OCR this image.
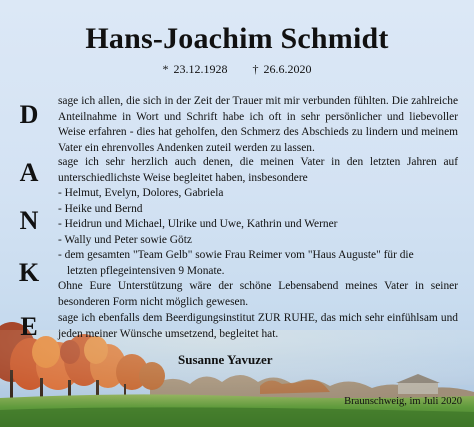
Hans-Joachim Schmidt
* 23.12.1928 † 26.6.2020
D
A
N
K
E

sage ich allen, die sich in der Zeit der Trauer mit mir verbunden fühlten. Die zahlreiche Anteilnahme in Wort und Schrift habe ich oft in sehr persönlicher und liebevoller Weise erfahren - dies hat geholfen, den Schmerz des Abschieds zu lindern und meinem Vater ein ehrenvolles Andenken zuteil werden zu lassen.

sage ich sehr herzlich auch denen, die meinen Vater in den letzten Jahren auf unterschiedlichste Weise begleitet haben, insbesondere

- Helmut, Evelyn, Dolores, Gabriela
- Heike und Bernd
- Heidrun und Michael, Ulrike und Uwe, Kathrin und Werner
- Wally und Peter sowie Götz
- dem gesamten "Team Gelb" sowie Frau Reimer vom "Haus Auguste" für die
letzten pflegeintensiven 9 Monate.

Ohne Eure Unterstützung wäre der schöne Lebensabend meines Vater in seiner besonderen Form nicht möglich gewesen.

sage ich ebenfalls dem Beerdigungsinstitut ZUR RUHE, das mich sehr einfühlsam und jeden meiner Wünsche umsetzend, begleitet hat.

Susanne Yavuzer
Braunschweig, im Juli 2020
